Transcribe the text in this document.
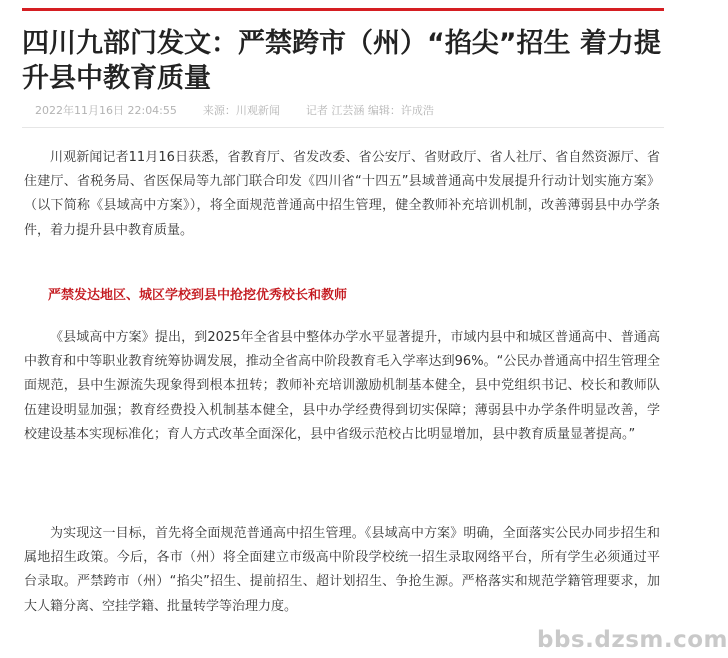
四川九部门发文：严禁跨市（州）“掐尖”招生 着力提升县中教育质量
2022年11月16日 22:04:55 来源：川观新闻 记者 江芸涵 编辑：许成浩

川观新闻记者11月16日获悉，省教育厅、省发改委、省公安厅、省财政厅、省人社厅、省自然资源厅、省住建厅、省税务局、省医保局等九部门联合印发《四川省“十四五”县域普通高中发展提升行动计划实施方案》（以下简称《县域高中方案》），将全面规范普通高中招生管理，健全教师补充培训机制，改善薄弱县中办学条件，着力提升县中教育质量。

严禁发达地区、城区学校到县中抢挖优秀校长和教师

《县域高中方案》提出，到2025年全省县中整体办学水平显著提升，市域内县中和城区普通高中、普通高中教育和中等职业教育统筹协调发展，推动全省高中阶段教育毛入学率达到96%。“公民办普通高中招生管理全面规范，县中生源流失现象得到根本扭转；教师补充培训激励机制基本健全，县中党组织书记、校长和教师队伍建设明显加强；教育经费投入机制基本健全，县中办学经费得到切实保障；薄弱县中办学条件明显改善，学校建设基本实现标准化；育人方式改革全面深化，县中省级示范校占比明显增加，县中教育质量显著提高。”

为实现这一目标，首先将全面规范普通高中招生管理。《县域高中方案》明确，全面落实公民办同步招生和属地招生政策。今后，各市（州）将全面建立市级高中阶段学校统一招生录取网络平台，所有学生必须通过平台录取。严禁跨市（州）“掐尖”招生、提前招生、超计划招生、争抢生源。严格落实和规范学籍管理要求，加大人籍分离、空挂学籍、批量转学等治理力度。

bbs.dzsm.com
